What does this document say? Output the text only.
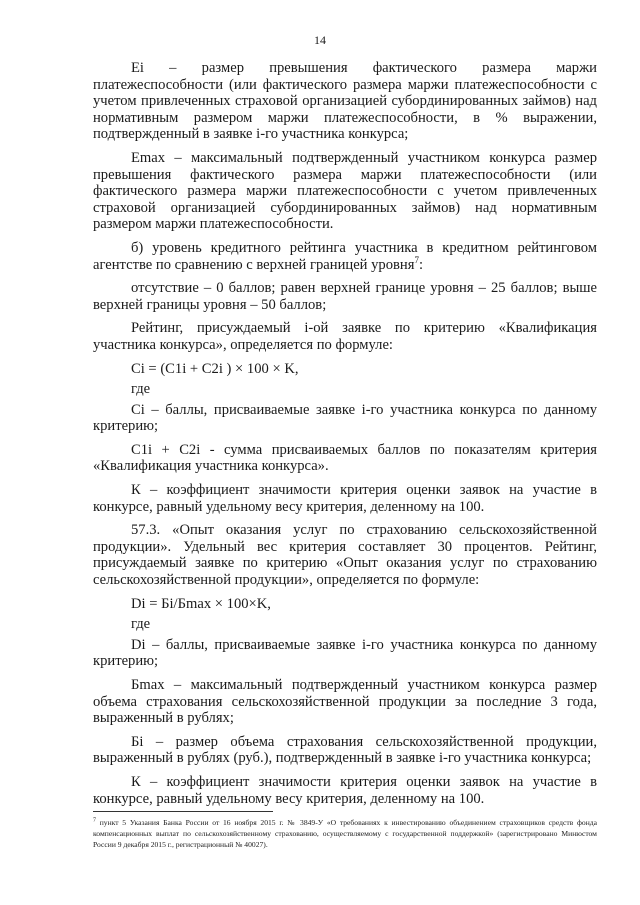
14

Ei – размер превышения фактического размера маржи платежеспособности (или фактического размера маржи платежеспособности с учетом привлеченных страховой организацией субординированных займов) над нормативным размером маржи платежеспособности, в % выражении, подтвержденный в заявке i-го участника конкурса;

Emax – максимальный подтвержденный участником конкурса размер превышения фактического размера маржи платежеспособности (или фактического размера маржи платежеспособности с учетом привлеченных страховой организацией субординированных займов) над нормативным размером маржи платежеспособности.

б) уровень кредитного рейтинга участника в кредитном рейтинговом агентстве по сравнению с верхней границей уровня$^7$:

отсутствие – 0 баллов; равен верхней границе уровня – 25 баллов; выше верхней границы уровня – 50 баллов;

Рейтинг, присуждаемый i-ой заявке по критерию «Квалификация участника конкурса», определяется по формуле:

Ci = (C1i + C2i ) × 100 × K,

где

Ci – баллы, присваиваемые заявке i-го участника конкурса по данному критерию;

C1i + C2i - сумма присваиваемых баллов по показателям критерия «Квалификация участника конкурса».

К – коэффициент значимости критерия оценки заявок на участие в конкурсе, равный удельному весу критерия, деленному на 100.

57.3. «Опыт оказания услуг по страхованию сельскохозяйственной продукции». Удельный вес критерия составляет 30 процентов. Рейтинг, присуждаемый заявке по критерию «Опыт оказания услуг по страхованию сельскохозяйственной продукции», определяется по формуле:

Di = Бi/Бmax × 100×K,

где

Di – баллы, присваиваемые заявке i-го участника конкурса по данному критерию;

Бmax – максимальный подтвержденный участником конкурса размер объема страхования сельскохозяйственной продукции за последние 3 года, выраженный в рублях;

Бi – размер объема страхования сельскохозяйственной продукции, выраженный в рублях (руб.), подтвержденный в заявке i-го участника конкурса;

К – коэффициент значимости критерия оценки заявок на участие в конкурсе, равный удельному весу критерия, деленному на 100.

$^7$ пункт 5 Указания Банка России от 16 ноября 2015 г. № 3849-У «О требованиях к инвестированию объединением страховщиков средств фонда компенсационных выплат по сельскохозяйственному страхованию, осуществляемому с государственной поддержкой» (зарегистрировано Минюстом России 9 декабря 2015 г., регистрационный № 40027).
